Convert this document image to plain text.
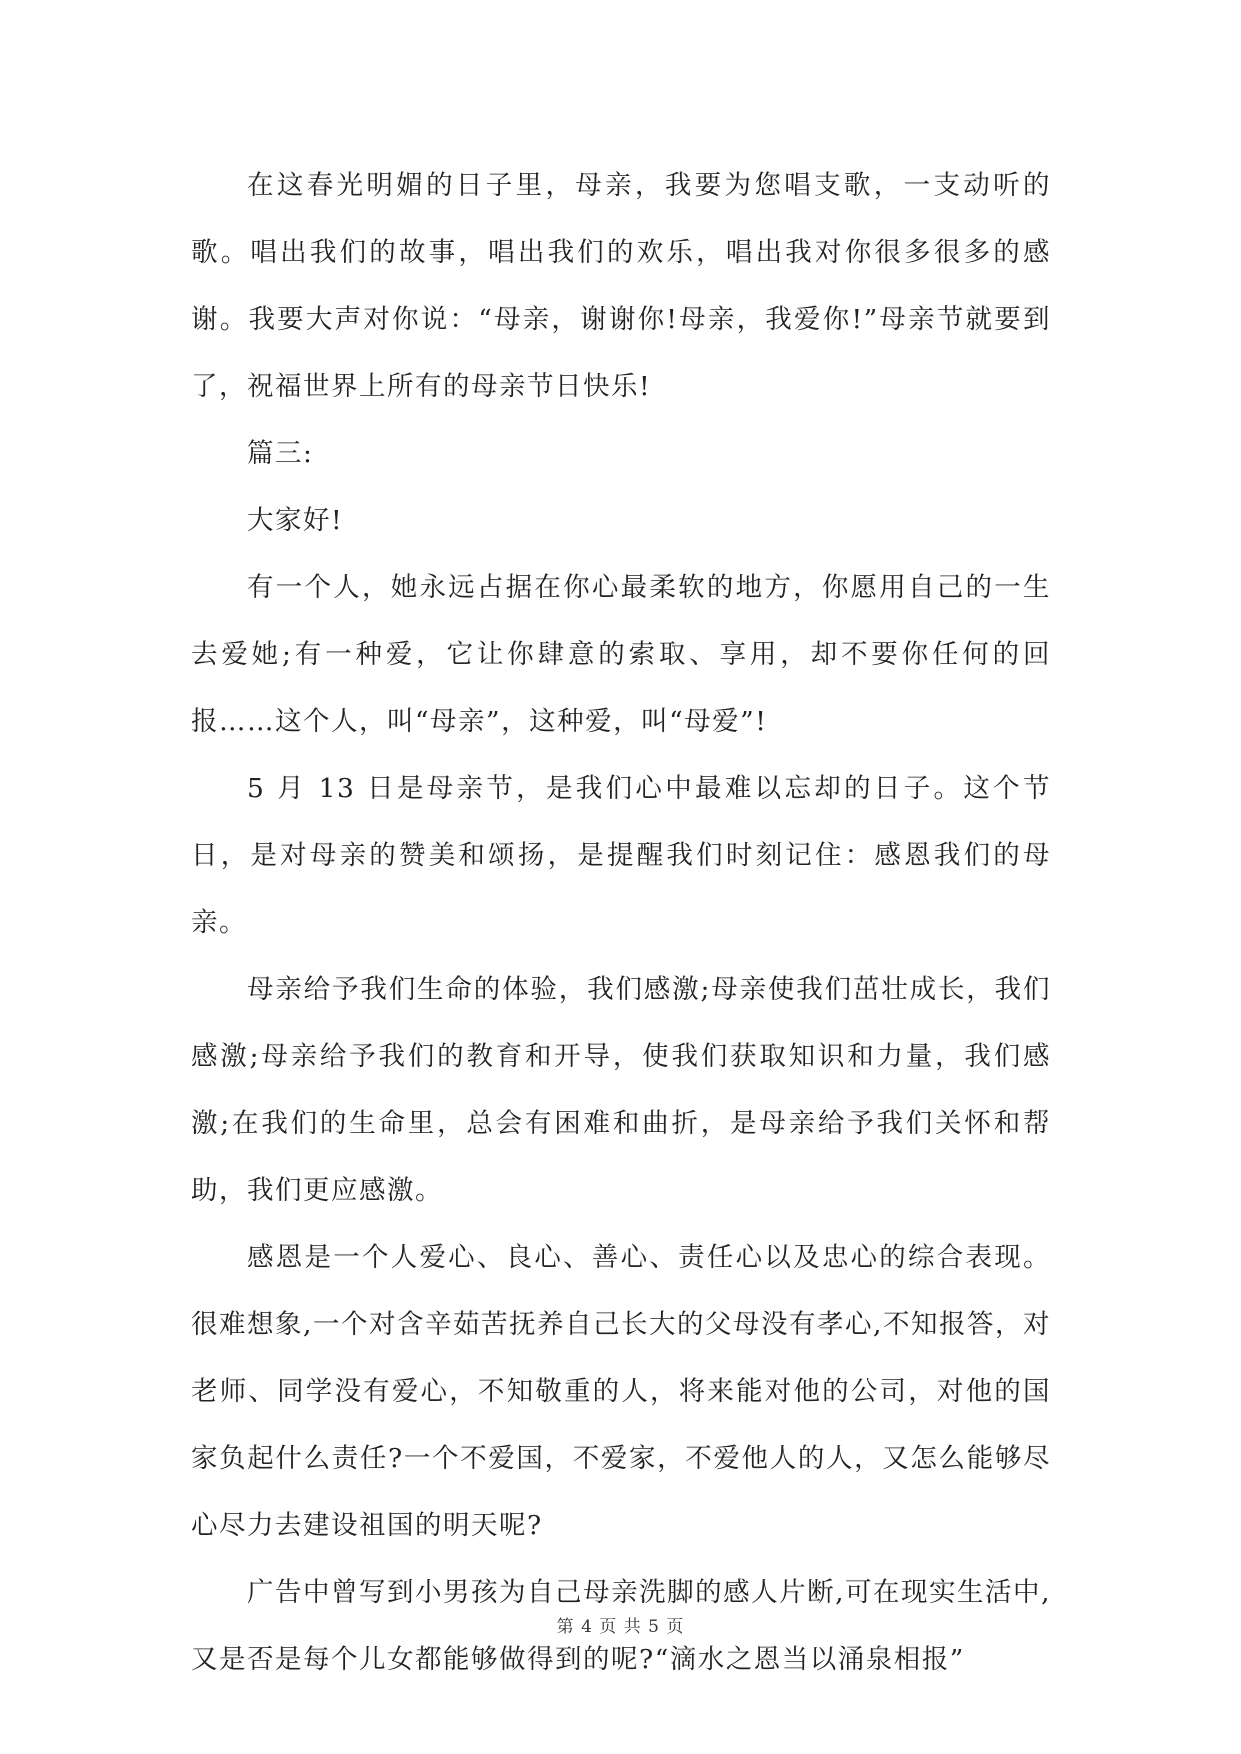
在这春光明媚的日子里，母亲，我要为您唱支歌，一支动听的歌。唱出我们的故事，唱出我们的欢乐，唱出我对你很多很多的感谢。我要大声对你说：“母亲，谢谢你!母亲，我爱你!”母亲节就要到了，祝福世界上所有的母亲节日快乐!

篇三:

大家好!

有一个人，她永远占据在你心最柔软的地方，你愿用自己的一生去爱她;有一种爱，它让你肆意的索取、享用，却不要你任何的回报……这个人，叫“母亲”，这种爱，叫“母爱”!

5 月 13 日是母亲节，是我们心中最难以忘却的日子。这个节日，是对母亲的赞美和颂扬，是提醒我们时刻记住：感恩我们的母亲。

母亲给予我们生命的体验，我们感激;母亲使我们茁壮成长，我们感激;母亲给予我们的教育和开导，使我们获取知识和力量，我们感激;在我们的生命里，总会有困难和曲折，是母亲给予我们关怀和帮助，我们更应感激。

感恩是一个人爱心、良心、善心、责任心以及忠心的综合表现。很难想象,一个对含辛茹苦抚养自己长大的父母没有孝心,不知报答，对老师、同学没有爱心，不知敬重的人，将来能对他的公司，对他的国家负起什么责任?一个不爱国，不爱家，不爱他人的人，又怎么能够尽心尽力去建设祖国的明天呢?

广告中曾写到小男孩为自己母亲洗脚的感人片断,可在现实生活中,又是否是每个儿女都能够做得到的呢?“滴水之恩当以涌泉相报”

第 4 页 共 5 页
